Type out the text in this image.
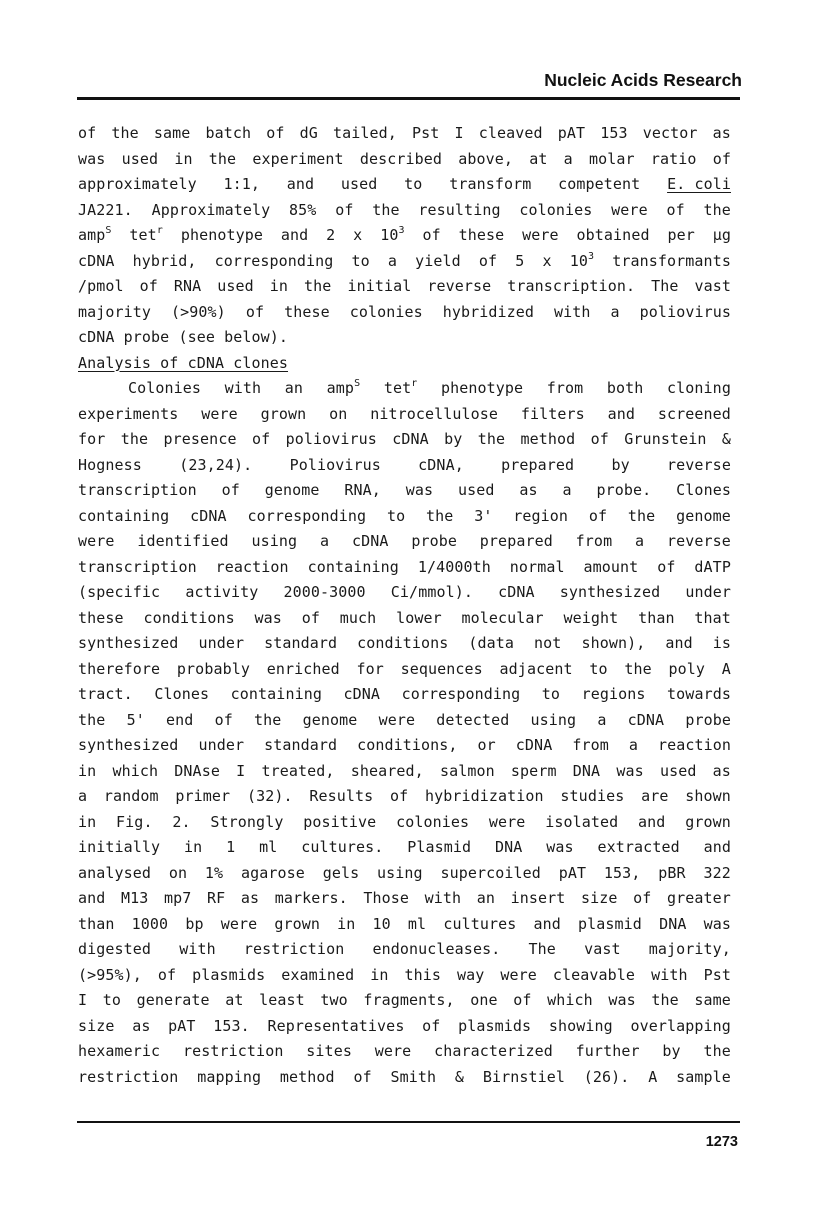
Nucleic Acids Research
of the same batch of dG tailed, Pst I cleaved pAT 153 vector as
was used in the experiment described above, at a molar ratio of
approximately 1:1, and used to transform competent E. coli
JA221. Approximately 85% of the resulting colonies were of the
amp$^S$ tet$^r$ phenotype and 2 x $10^3$ of these were obtained per µg
cDNA hybrid, corresponding to a yield of 5 x $10^3$ transformants
/pmol of RNA used in the initial reverse transcription. The vast
majority (>90%) of these colonies hybridized with a poliovirus
cDNA probe (see below).
Analysis of cDNA clones
Colonies with an amp$^S$ tet$^r$ phenotype from both cloning
experiments were grown on nitrocellulose filters and screened
for the presence of poliovirus cDNA by the method of Grunstein &
Hogness (23,24). Poliovirus cDNA, prepared by reverse
transcription of genome RNA, was used as a probe. Clones
containing cDNA corresponding to the 3' region of the genome
were identified using a cDNA probe prepared from a reverse
transcription reaction containing 1/4000th normal amount of dATP
(specific activity 2000-3000 Ci/mmol). cDNA synthesized under
these conditions was of much lower molecular weight than that
synthesized under standard conditions (data not shown), and is
therefore probably enriched for sequences adjacent to the poly A
tract. Clones containing cDNA corresponding to regions towards
the 5' end of the genome were detected using a cDNA probe
synthesized under standard conditions, or cDNA from a reaction
in which DNAse I treated, sheared, salmon sperm DNA was used as
a random primer (32). Results of hybridization studies are shown
in Fig. 2. Strongly positive colonies were isolated and grown
initially in 1 ml cultures. Plasmid DNA was extracted and
analysed on 1% agarose gels using supercoiled pAT 153, pBR 322
and M13 mp7 RF as markers. Those with an insert size of greater
than 1000 bp were grown in 10 ml cultures and plasmid DNA was
digested with restriction endonucleases. The vast majority,
(>95%), of plasmids examined in this way were cleavable with Pst
I to generate at least two fragments, one of which was the same
size as pAT 153. Representatives of plasmids showing overlapping
hexameric restriction sites were characterized further by the
restriction mapping method of Smith & Birnstiel (26). A sample
1273
